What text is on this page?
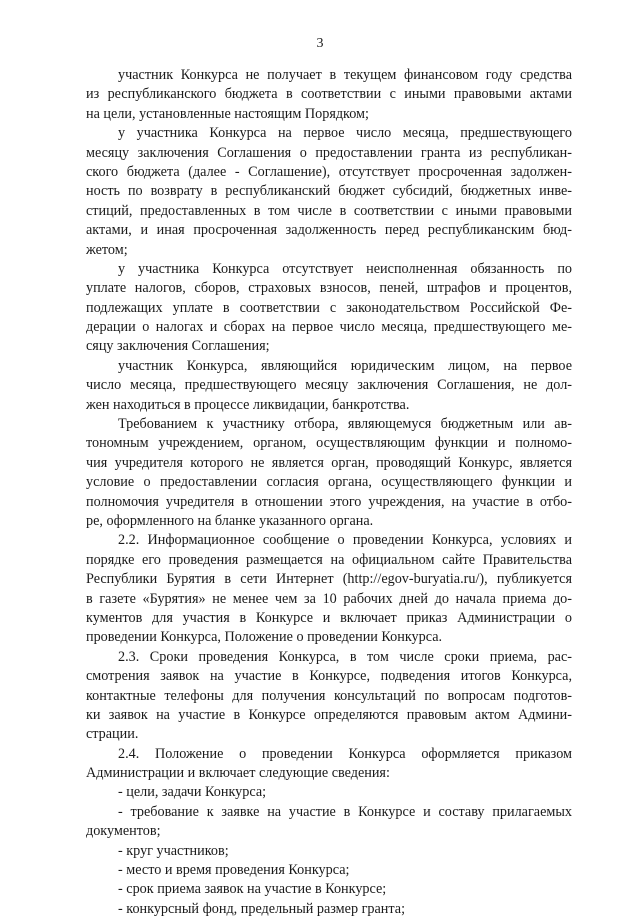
3
участник Конкурса не получает в текущем финансовом году средства
из республиканского бюджета в соответствии с иными правовыми актами
на цели, установленные настоящим Порядком;
у участника Конкурса на первое число месяца, предшествующего
месяцу заключения Соглашения о предоставлении гранта из республикан-
ского бюджета (далее - Соглашение), отсутствует просроченная задолжен-
ность по возврату в республиканский бюджет субсидий, бюджетных инве-
стиций, предоставленных в том числе в соответствии с иными правовыми
актами, и иная просроченная задолженность перед республиканским бюд-
жетом;
у участника Конкурса отсутствует неисполненная обязанность по
уплате налогов, сборов, страховых взносов, пеней, штрафов и процентов,
подлежащих уплате в соответствии с законодательством Российской Фе-
дерации о налогах и сборах на первое число месяца, предшествующего ме-
сяцу заключения Соглашения;
участник Конкурса, являющийся юридическим лицом, на первое
число месяца, предшествующего месяцу заключения Соглашения, не дол-
жен находиться в процессе ликвидации, банкротства.
Требованием к участнику отбора, являющемуся бюджетным или ав-
тономным учреждением, органом, осуществляющим функции и полномо-
чия учредителя которого не является орган, проводящий Конкурс, является
условие о предоставлении согласия органа, осуществляющего функции и
полномочия учредителя в отношении этого учреждения, на участие в отбо-
ре, оформленного на бланке указанного органа.
2.2. Информационное сообщение о проведении Конкурса, условиях и
порядке его проведения размещается на официальном сайте Правительства
Республики Бурятия в сети Интернет (http://egov-buryatia.ru/), публикуется
в газете «Бурятия» не менее чем за 10 рабочих дней до начала приема до-
кументов для участия в Конкурсе и включает приказ Администрации о
проведении Конкурса, Положение о проведении Конкурса.
2.3. Сроки проведения Конкурса, в том числе сроки приема, рас-
смотрения заявок на участие в Конкурсе, подведения итогов Конкурса,
контактные телефоны для получения консультаций по вопросам подготов-
ки заявок на участие в Конкурсе определяются правовым актом Админи-
страции.
2.4. Положение о проведении Конкурса оформляется приказом
Администрации и включает следующие сведения:
- цели, задачи Конкурса;
- требование к заявке на участие в Конкурсе и составу прилагаемых
документов;
- круг участников;
- место и время проведения Конкурса;
- срок приема заявок на участие в Конкурсе;
- конкурсный фонд, предельный размер гранта;
